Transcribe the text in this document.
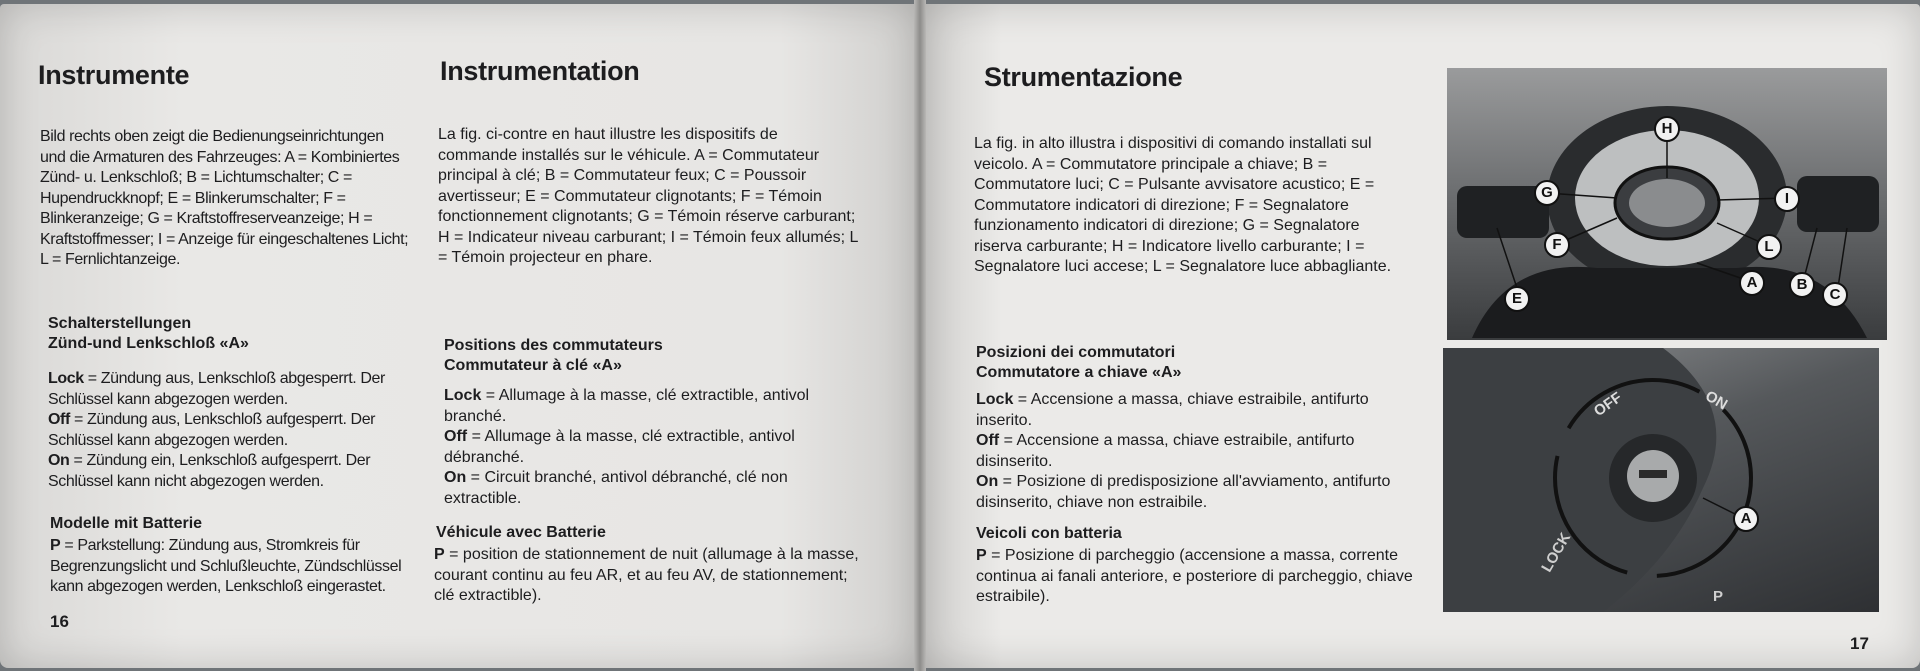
Instrumente

Bild rechts oben zeigt die Bedienungseinrichtungen und die Armaturen des Fahrzeuges: A = Kombiniertes Zünd- u. Lenkschloß; B = Lichtumschalter; C = Hupendruckknopf; E = Blinkerumschalter; F = Blinkeranzeige; G = Kraftstoffreserveanzeige; H = Kraftstoffmesser; I = Anzeige für eingeschaltenes Licht; L = Fernlichtanzeige.

Schalterstellungen
Zünd-und Lenkschloß «A»

Lock = Zündung aus, Lenkschloß abgesperrt. Der Schlüssel kann abgezogen werden.

Off = Zündung aus, Lenkschloß aufgesperrt. Der Schlüssel kann abgezogen werden.

On = Zündung ein, Lenkschloß aufgesperrt. Der Schlüssel kann nicht abgezogen werden.

Modelle mit Batterie

P = Parkstellung: Zündung aus, Stromkreis für Begrenzungslicht und Schlußleuchte, Zündschlüssel kann abgezogen werden, Lenkschloß eingerastet.

16
Instrumentation

La fig. ci-contre en haut illustre les dispositifs de commande installés sur le véhicule. A = Commutateur principal à clé; B = Commutateur feux; C = Poussoir avertisseur; E = Commutateur clignotants; F = Témoin fonctionnement clignotants; G = Témoin réserve carburant; H = Indicateur niveau carburant; I = Témoin feux allumés; L = Témoin projecteur en phare.

Positions des commutateurs
Commutateur à clé «A»

Lock = Allumage à la masse, clé extractible, antivol branché.

Off = Allumage à la masse, clé extractible, antivol débranché.

On = Circuit branché, antivol débranché, clé non extractible.

Véhicule avec Batterie

P = position de stationnement de nuit (allumage à la masse, courant continu au feu AR, et au feu AV, de stationnement; clé extractible).

Strumentazione

La fig. in alto illustra i dispositivi di comando installati sul veicolo. A = Commutatore principale a chiave; B = Commutatore luci; C = Pulsante avvisatore acustico; E = Commutatore indicatori di direzione; F = Segnalatore funzionamento indicatori di direzione; G = Segnalatore riserva carburante; H = Indicatore livello carburante; I = Segnalatore luci accese; L = Segnalatore luce abbagliante.

Posizioni dei commutatori
Commutatore a chiave «A»

Lock = Accensione a massa, chiave estraibile, antifurto inserito.

Off = Accensione a massa, chiave estraibile, antifurto disinserito.

On = Posizione di predisposizione all'avviamento, antifurto disinserito, chiave non estraibile.

Veicoli con batteria

P = Posizione di parcheggio (accensione a massa, corrente continua ai fanali anteriore, e posteriore di parcheggio, chiave estraibile).

17
H
G	I
F	L
E
A	B
C
OFF	ON
LOCK
P
A
